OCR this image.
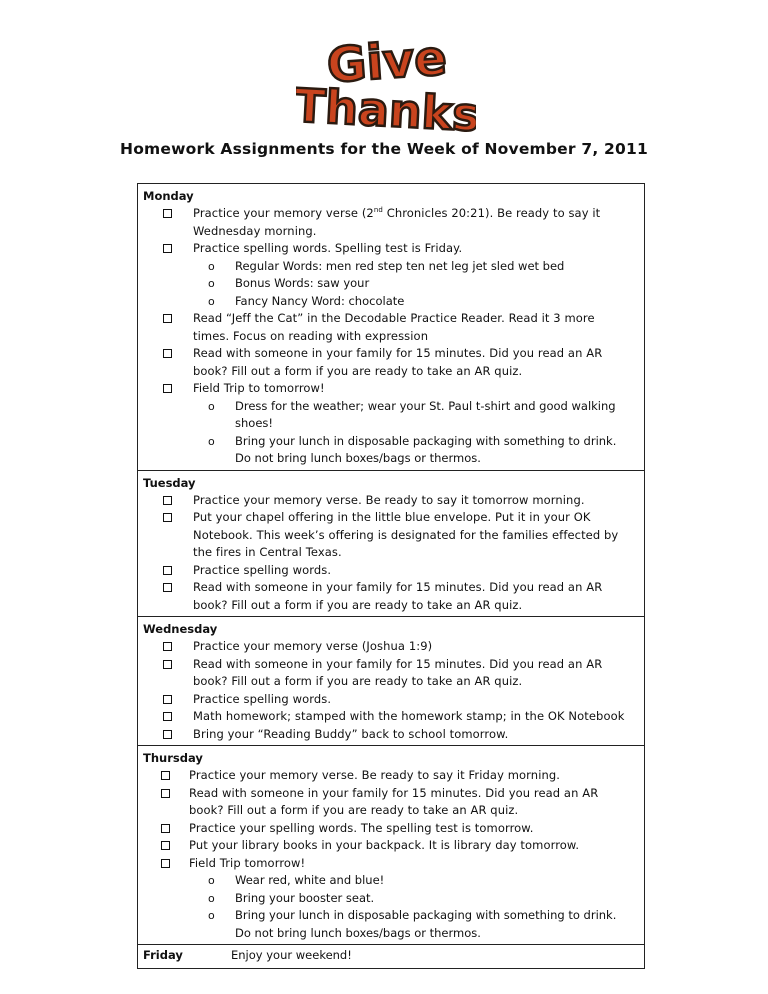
Give
Thanks
Homework Assignments for the Week of November 7, 2011
Monday
Practice your memory verse (2nd Chronicles 20:21). Be ready to say it Wednesday morning.
Practice spelling words. Spelling test is Friday.
o Regular Words: men red step ten net leg jet sled wet bed
o Bonus Words: saw your
o Fancy Nancy Word: chocolate
Read “Jeff the Cat” in the Decodable Practice Reader. Read it 3 more times. Focus on reading with expression
Read with someone in your family for 15 minutes. Did you read an AR book? Fill out a form if you are ready to take an AR quiz.
Field Trip to tomorrow!
o Dress for the weather; wear your St. Paul t-shirt and good walking shoes!
o Bring your lunch in disposable packaging with something to drink. Do not bring lunch boxes/bags or thermos.
Tuesday
Practice your memory verse. Be ready to say it tomorrow morning.
Put your chapel offering in the little blue envelope. Put it in your OK Notebook. This week’s offering is designated for the families effected by the fires in Central Texas.
Practice spelling words.
Read with someone in your family for 15 minutes. Did you read an AR book? Fill out a form if you are ready to take an AR quiz.
Wednesday
Practice your memory verse (Joshua 1:9)
Read with someone in your family for 15 minutes. Did you read an AR book? Fill out a form if you are ready to take an AR quiz.
Practice spelling words.
Math homework; stamped with the homework stamp; in the OK Notebook
Bring your “Reading Buddy” back to school tomorrow.
Thursday
Practice your memory verse. Be ready to say it Friday morning.
Read with someone in your family for 15 minutes. Did you read an AR book? Fill out a form if you are ready to take an AR quiz.
Practice your spelling words. The spelling test is tomorrow.
Put your library books in your backpack. It is library day tomorrow.
Field Trip tomorrow!
o Wear red, white and blue!
o Bring your booster seat.
o Bring your lunch in disposable packaging with something to drink. Do not bring lunch boxes/bags or thermos.
Friday	Enjoy your weekend!
